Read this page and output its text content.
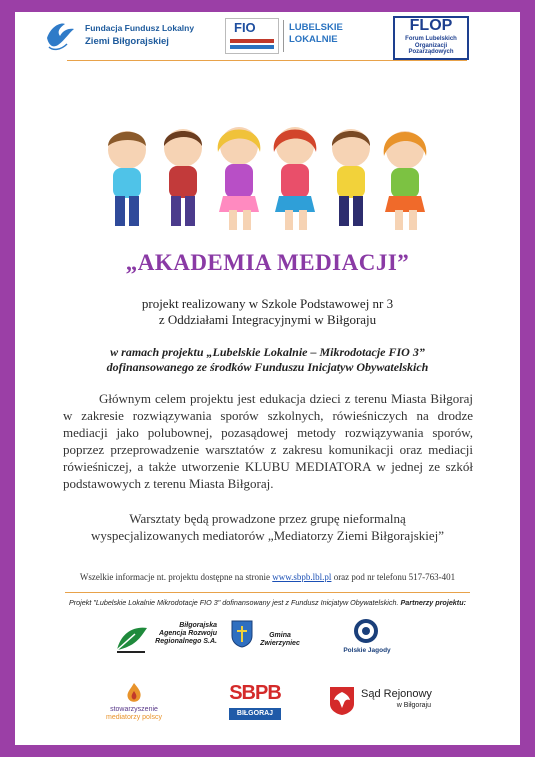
Fundacja Fundusz Lokalny
Ziemi Biłgorajskiej
FIO	LUBELSKIE LOKALNIE
FLOP
Forum Lubelskich Organizacji Pozarządowych
„AKADEMIA MEDIACJI”
projekt realizowany w Szkole Podstawowej nr 3
z Oddziałami Integracyjnymi w Biłgoraju
w ramach projektu „Lubelskie Lokalnie – Mikrodotacje FIO 3”
dofinansowanego ze środków Funduszu Inicjatyw Obywatelskich
Głównym celem projektu jest edukacja dzieci z terenu Miasta Biłgoraj w zakresie rozwiązywania sporów szkolnych, rówieśniczych na drodze mediacji jako polubownej, pozasądowej metody rozwiązywania sporów, poprzez przeprowadzenie warsztatów z zakresu komunikacji oraz mediacji rówieśniczej, a także utworzenie KLUBU MEDIATORA w jednej ze szkół podstawowych z terenu Miasta Biłgoraj.
Warsztaty będą prowadzone przez grupę nieformalną
wyspecjalizowanych mediatorów „Mediatorzy Ziemi Biłgorajskiej”
Wszelkie informacje nt. projektu dostępne na stronie www.sbpb.lbl.pl oraz pod nr telefonu 517-763-401
Projekt "Lubelskie Lokalnie Mikrodotacje FIO 3" dofinansowany jest z Fundusz Inicjatyw Obywatelskich. Partnerzy projektu:
Biłgorajska
Agencja Rozwoju
Regionalnego S.A.
Gmina
Zwierzyniec
Polskie Jagody
stowarzyszenie
mediatorzy polscy
SBPB
BIŁGORAJ
Sąd Rejonowy
w Biłgoraju
